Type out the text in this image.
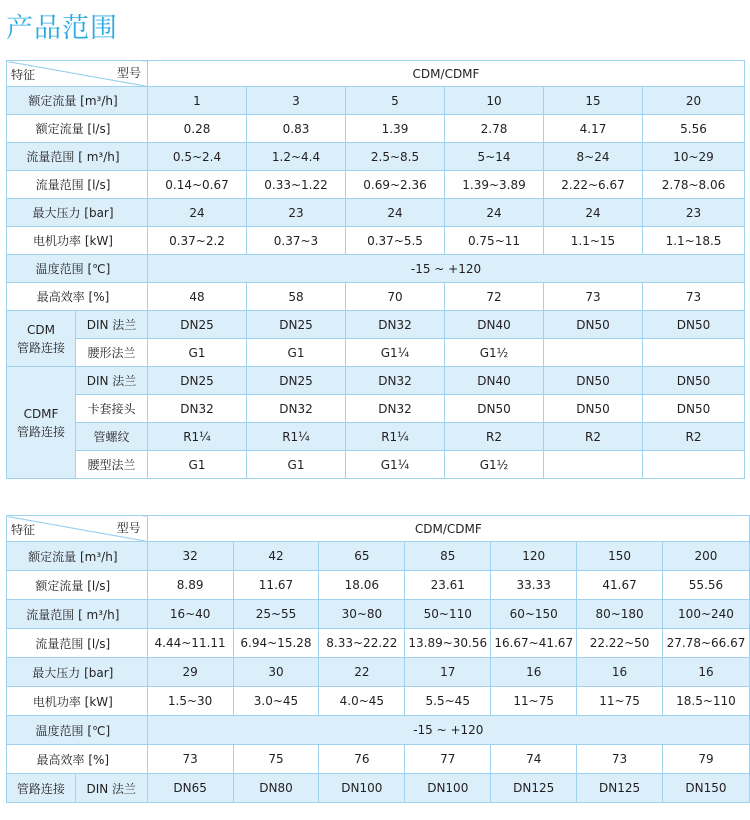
产品范围
型号
特征		CDM/CDMF					
额定流量 [m³/h]		1	3	5	10	15	20
额定流量 [l/s]		0.28	0.83	1.39	2.78	4.17	5.56
流量范围 [ m³/h]		0.5~2.4	1.2~4.4	2.5~8.5	5~14	8~24	10~29
流量范围 [l/s]		0.14~0.67	0.33~1.22	0.69~2.36	1.39~3.89	2.22~6.67	2.78~8.06
最大压力 [bar]		24	23	24	24	24	23
电机功率 [kW]		0.37~2.2	0.37~3	0.37~5.5	0.75~11	1.1~15	1.1~18.5
温度范围 [℃]		-15 ~ +120					
最高效率 [%]		48	58	70	72	73	73
CDM
管路连接	DIN 法兰	DN25	DN25	DN32	DN40	DN50	DN50
	腰形法兰	G1	G1	G1¼	G1½		
CDMF
管路连接	DIN 法兰	DN25	DN25	DN32	DN40	DN50	DN50
	卡套接头	DN32	DN32	DN32	DN50	DN50	DN50
	管螺纹	R1¼	R1¼	R1¼	R2	R2	R2
	腰型法兰	G1	G1	G1¼	G1½		
型号
特征		CDM/CDMF						
额定流量 [m³/h]		32	42	65	85	120	150	200
额定流量 [l/s]		8.89	11.67	18.06	23.61	33.33	41.67	55.56
流量范围 [ m³/h]		16~40	25~55	30~80	50~110	60~150	80~180	100~240
流量范围 [l/s]		4.44~11.11	6.94~15.28	8.33~22.22	13.89~30.56	16.67~41.67	22.22~50	27.78~66.67
最大压力 [bar]		29	30	22	17	16	16	16
电机功率 [kW]		1.5~30	3.0~45	4.0~45	5.5~45	11~75	11~75	18.5~110
温度范围 [℃]		-15 ~ +120						
最高效率 [%]		73	75	76	77	74	73	79
管路连接	DIN 法兰	DN65	DN80	DN100	DN100	DN125	DN125	DN150
